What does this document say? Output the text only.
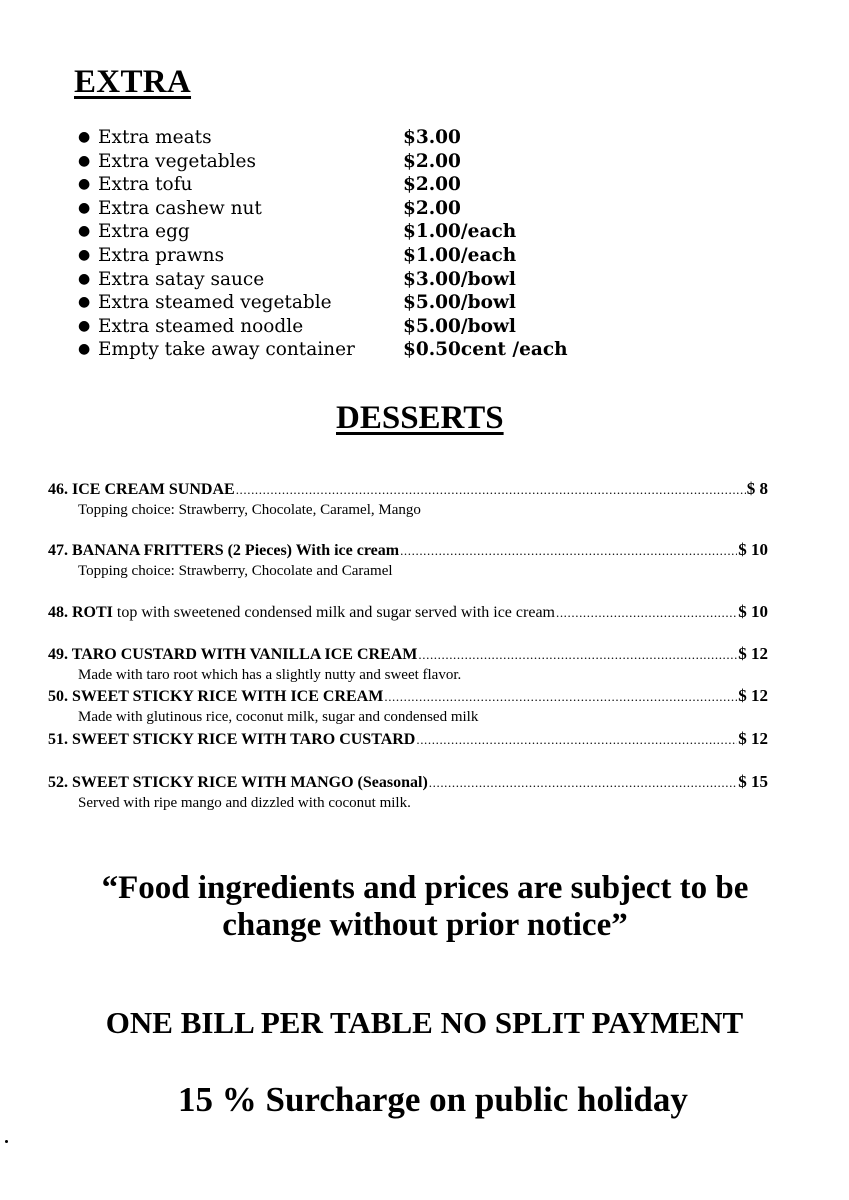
EXTRA
● Extra meats	$3.00
● Extra vegetables	$2.00
● Extra tofu	$2.00
● Extra cashew nut	$2.00
● Extra egg	$1.00/each
● Extra prawns	$1.00/each
● Extra satay sauce	$3.00/bowl
● Extra steamed vegetable	$5.00/bowl
● Extra steamed noodle	$5.00/bowl
● Empty take away container	$0.50cent /each
DESSERTS
46. ICE CREAM SUNDAE .....	$ 8
Topping choice: Strawberry, Chocolate, Caramel, Mango
47. BANANA FRITTERS (2 Pieces) With ice cream .....	$ 10
Topping choice: Strawberry, Chocolate and Caramel
48. ROTI top with sweetened condensed milk and sugar served with ice cream .....	$ 10
49. TARO CUSTARD WITH VANILLA ICE CREAM .....	$ 12
Made with taro root which has a slightly nutty and sweet flavor.
50. SWEET STICKY RICE WITH ICE CREAM .....	$ 12
Made with glutinous rice, coconut milk, sugar and condensed milk
51. SWEET STICKY RICE WITH TARO CUSTARD .....	$ 12
52. SWEET STICKY RICE WITH MANGO (Seasonal) .....	$ 15
Served with ripe mango and dizzled with coconut milk.
“Food ingredients and prices are subject to be
change without prior notice”
ONE BILL PER TABLE NO SPLIT PAYMENT
15 % Surcharge on public holiday
